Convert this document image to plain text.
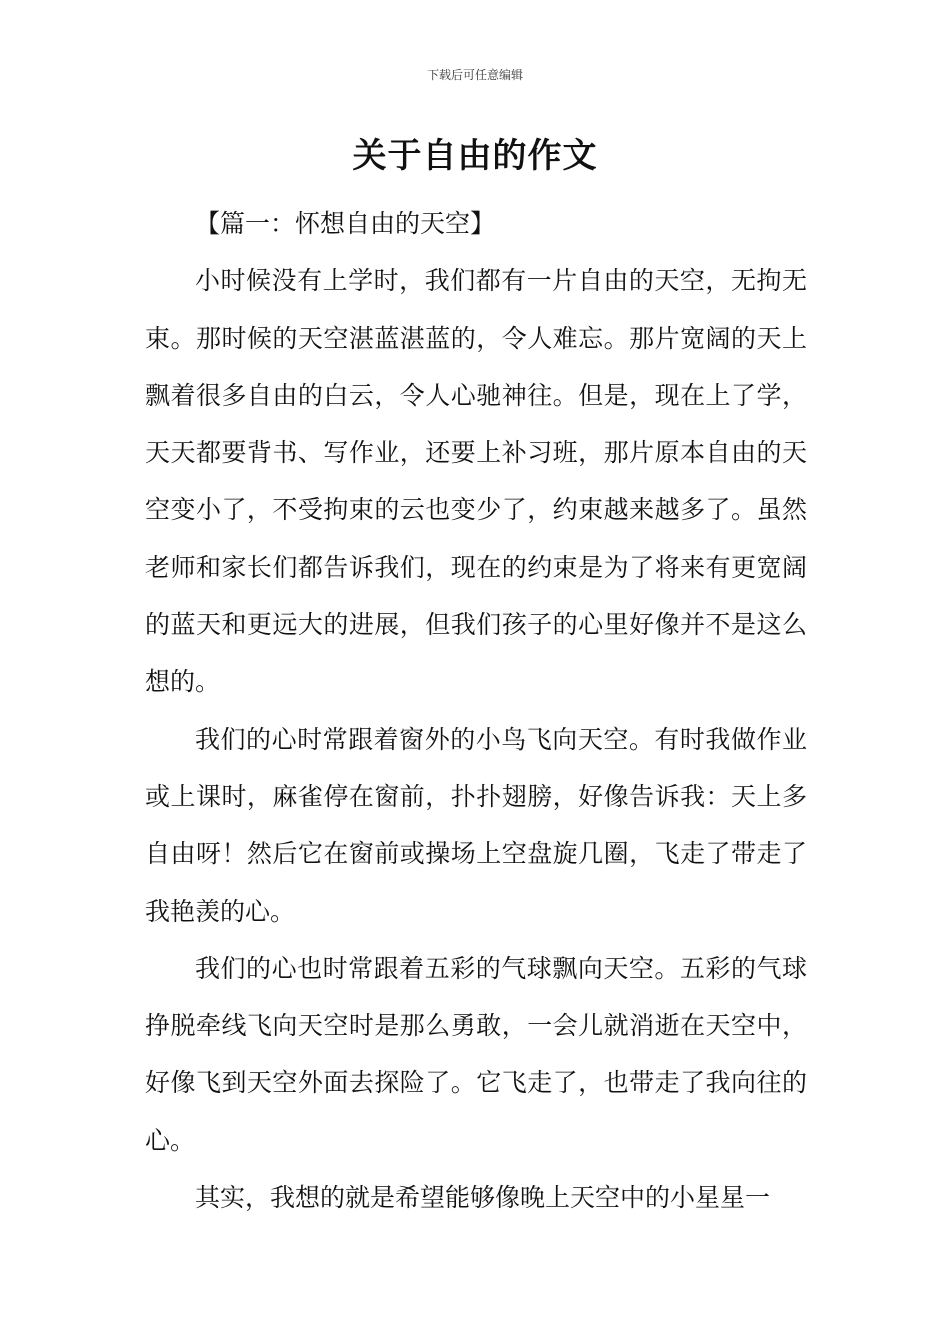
下载后可任意编辑
关于自由的作文

【篇一：怀想自由的天空】

小时候没有上学时，我们都有一片自由的天空，无拘无束。那时候的天空湛蓝湛蓝的，令人难忘。那片宽阔的天上飘着很多自由的白云，令人心驰神往。但是，现在上了学，天天都要背书、写作业，还要上补习班，那片原本自由的天空变小了，不受拘束的云也变少了，约束越来越多了。虽然老师和家长们都告诉我们，现在的约束是为了将来有更宽阔的蓝天和更远大的进展，但我们孩子的心里好像并不是这么想的。

我们的心时常跟着窗外的小鸟飞向天空。有时我做作业或上课时，麻雀停在窗前，扑扑翅膀，好像告诉我：天上多自由呀！然后它在窗前或操场上空盘旋几圈，飞走了带走了我艳羡的心。

我们的心也时常跟着五彩的气球飘向天空。五彩的气球挣脱牵线飞向天空时是那么勇敢，一会儿就消逝在天空中，好像飞到天空外面去探险了。它飞走了，也带走了我向往的心。

其实，我想的就是希望能够像晚上天空中的小星星一
